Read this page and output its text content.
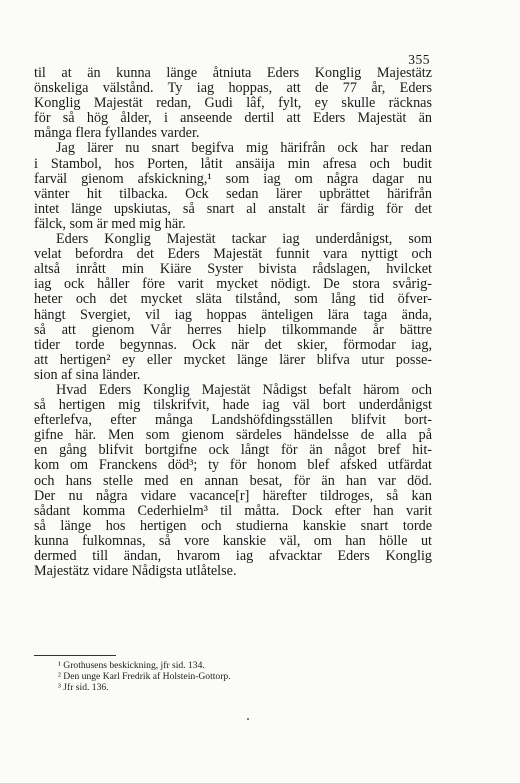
355
til at än kunna länge åtniuta Eders Konglig Majestätz
önskeliga välstånd. Ty iag hoppas, att de 77 år, Eders
Konglig Majestät redan, Gudi lâf, fylt, ey skulle räcknas
för så hög ålder, i anseende dertil att Eders Majestät än
många flera fyllandes varder.
Jag lärer nu snart begifva mig härifrån ock har redan
i Stambol, hos Porten, låtit ansäija min afresa och budit
farväl gienom afskickning,¹ som iag om några dagar nu
vänter hit tilbacka. Ock sedan lärer upbrättet härifrån
intet länge upskiutas, så snart al anstalt är färdig för det
fälck, som är med mig här.
Eders Konglig Majestät tackar iag underdånigst, som
velat befordra det Eders Majestät funnit vara nyttigt och
altså inrått min Kiäre Syster bivista rådslagen, hvilcket
iag ock håller före varit mycket nödigt. De stora svårig-
heter och det mycket släta tilstånd, som lång tid öfver-
hängt Svergiet, vil iag hoppas änteligen lära taga ända,
så att gienom Vår herres hielp tilkommande år bättre
tider torde begynnas. Ock när det skier, förmodar iag,
att hertigen² ey eller mycket länge lärer blifva utur posse-
sion af sina länder.
Hvad Eders Konglig Majestät Nådigst befalt härom och
så hertigen mig tilskrifvit, hade iag väl bort underdånigst
efterlefva, efter många Landshöfdingsställen blifvit bort-
gifne här. Men som gienom särdeles händelsse de alla på
en gång blifvit bortgifne ock långt för än något bref hit-
kom om Franckens död³; ty för honom blef afsked utfärdat
och hans stelle med en annan besat, för än han var död.
Der nu några vidare vacance[r] härefter tildroges, så kan
sådant komma Cederhielm³ til måtta. Dock efter han varit
så länge hos hertigen och studierna kanskie snart torde
kunna fulkomnas, så vore kanskie väl, om han hölle ut
dermed till ändan, hvarom iag afvacktar Eders Konglig
Majestätz vidare Nådigsta utlåtelse.
¹ Grothusens beskickning, jfr sid. 134.
² Den unge Karl Fredrik af Holstein-Gottorp.
³ Jfr sid. 136.
